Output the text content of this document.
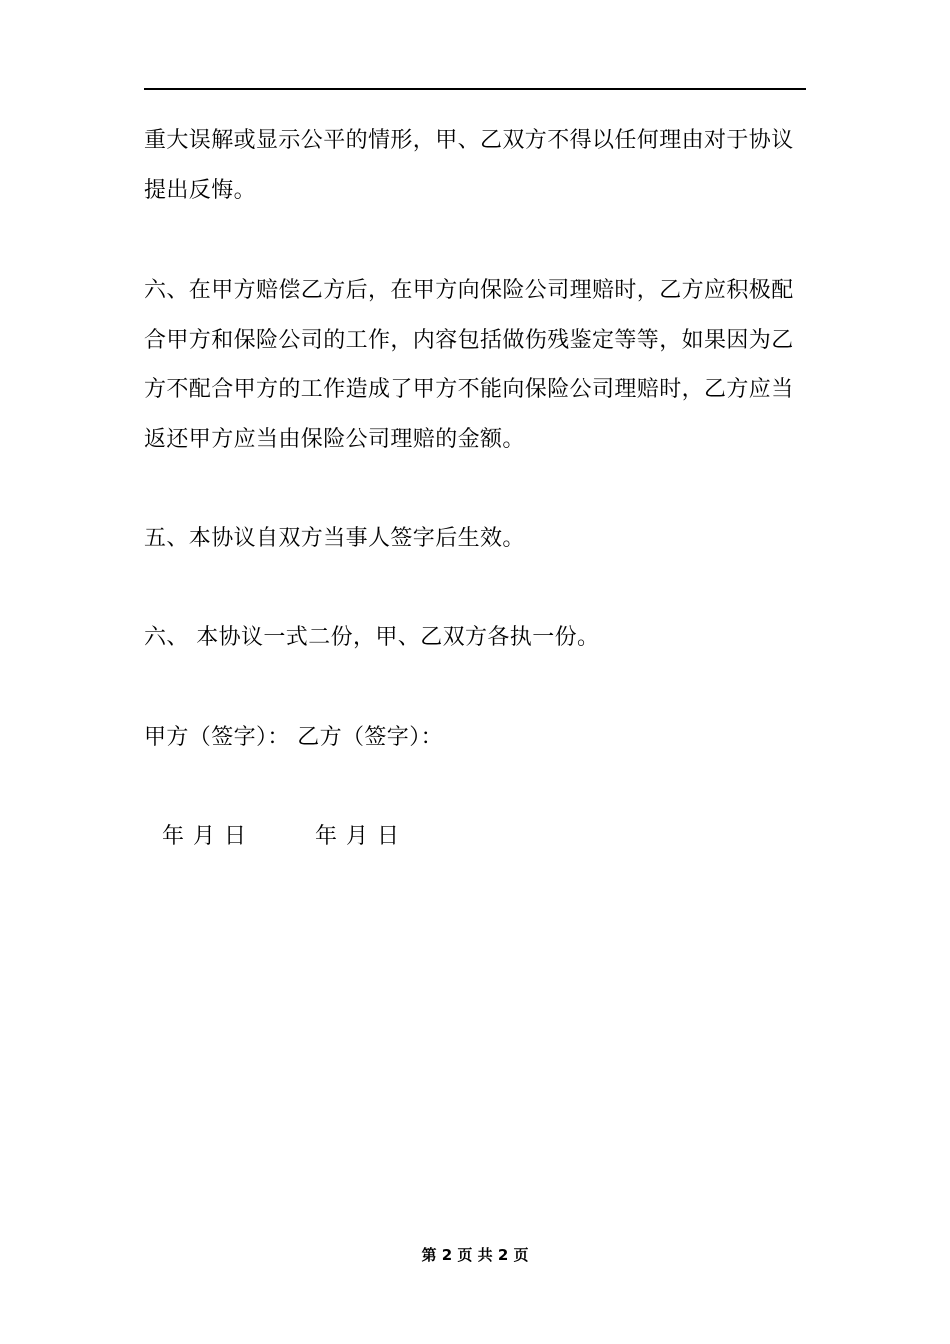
重大误解或显示公平的情形，甲、乙双方不得以任何理由对于协议
提出反悔。

六、在甲方赔偿乙方后，在甲方向保险公司理赔时，乙方应积极配
合甲方和保险公司的工作，内容包括做伤残鉴定等等，如果因为乙
方不配合甲方的工作造成了甲方不能向保险公司理赔时，乙方应当
返还甲方应当由保险公司理赔的金额。

五、本协议自双方当事人签字后生效。

六、 本协议一式二份，甲、乙双方各执一份。

甲方（签字）： 乙方（签字）：

年 月 日	年 月 日
第 2 页 共 2 页
